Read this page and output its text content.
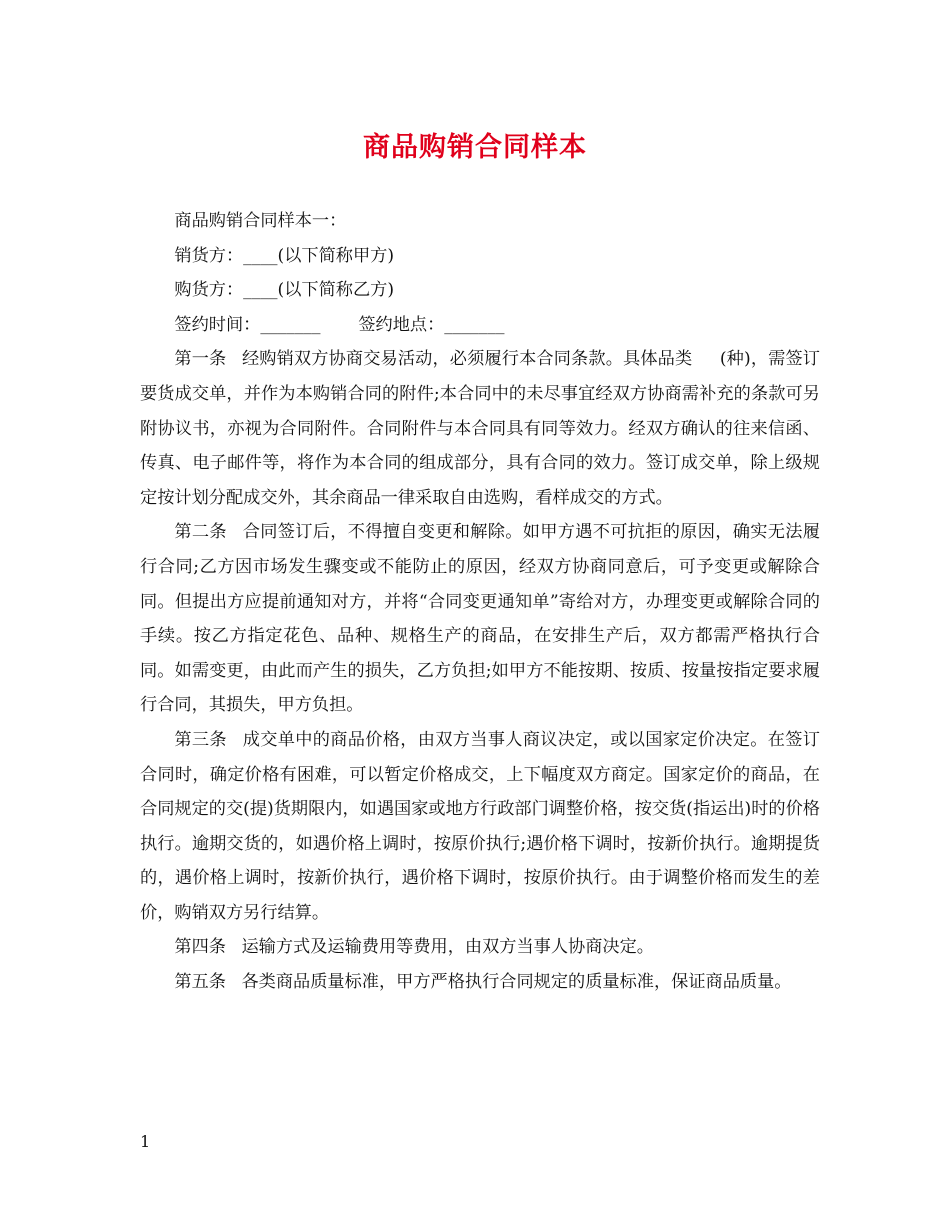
商品购销合同样本

商品购销合同样本一：

销货方：____(以下简称甲方)

购货方：____(以下简称乙方)

签约时间：_______ 签约地点：_______

第一条 经购销双方协商交易活动，必须履行本合同条款。具体品类 (种)，需签订要货成交单，并作为本购销合同的附件;本合同中的未尽事宜经双方协商需补充的条款可另附协议书，亦视为合同附件。合同附件与本合同具有同等效力。经双方确认的往来信函、传真、电子邮件等，将作为本合同的组成部分，具有合同的效力。签订成交单，除上级规定按计划分配成交外，其余商品一律采取自由选购，看样成交的方式。

第二条 合同签订后，不得擅自变更和解除。如甲方遇不可抗拒的原因，确实无法履行合同;乙方因市场发生骤变或不能防止的原因，经双方协商同意后，可予变更或解除合同。但提出方应提前通知对方，并将“合同变更通知单”寄给对方，办理变更或解除合同的手续。按乙方指定花色、品种、规格生产的商品，在安排生产后，双方都需严格执行合同。如需变更，由此而产生的损失，乙方负担;如甲方不能按期、按质、按量按指定要求履行合同，其损失，甲方负担。

第三条 成交单中的商品价格，由双方当事人商议决定，或以国家定价决定。在签订合同时，确定价格有困难，可以暂定价格成交，上下幅度双方商定。国家定价的商品，在合同规定的交(提)货期限内，如遇国家或地方行政部门调整价格，按交货(指运出)时的价格执行。逾期交货的，如遇价格上调时，按原价执行;遇价格下调时，按新价执行。逾期提货的，遇价格上调时，按新价执行，遇价格下调时，按原价执行。由于调整价格而发生的差价，购销双方另行结算。

第四条 运输方式及运输费用等费用，由双方当事人协商决定。

第五条 各类商品质量标准，甲方严格执行合同规定的质量标准，保证商品质量。

1
